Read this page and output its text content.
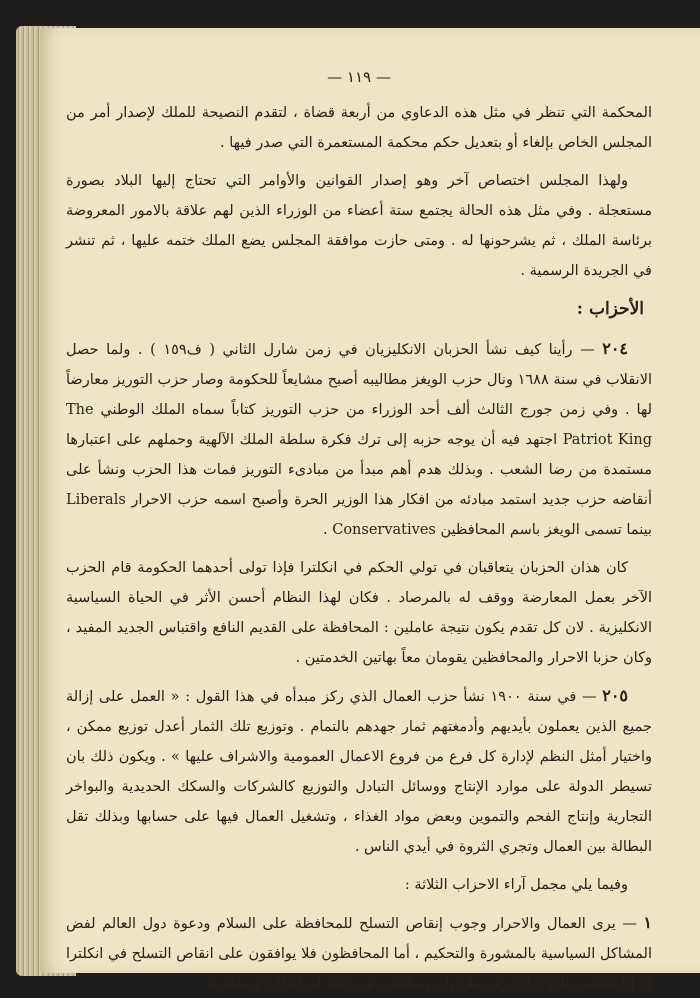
— ١١٩ —

المحكمة التي تنظر في مثل هذه الدعاوي من أربعة قضاة ، لتقدم النصيحة للملك لإصدار أمر من المجلس الخاص بإلغاء أو بتعديل حكم محكمة المستعمرة التي صدر فيها .

ولهذا المجلس اختصاص آخر وهو إصدار القوانين والأوامر التي تحتاج إليها البلاد بصورة مستعجلة . وفي مثل هذه الحالة يجتمع ستة أعضاء من الوزراء الذين لهم علاقة بالامور المعروضة برئاسة الملك ، ثم يشرحونها له . ومتى حازت موافقة المجلس يضع الملك ختمه عليها ، ثم تنشر في الجريدة الرسمية .

الأحزاب :

٢٠٤ — رأينا كيف نشأ الحزبان الانكليزيان في زمن شارل الثاني ( ف١٥٩ ) . ولما حصل الانقلاب في سنة ١٦٨٨ ونال حزب الويغز مطاليبه أصبح مشايعاً للحكومة وصار حزب التوريز معارضاً لها . وفي زمن جورج الثالث ألف أحد الوزراء من حزب التوريز كتاباً سماه الملك الوطني The Patriot King اجتهد فيه أن يوجه حزبه إلى ترك فكرة سلطة الملك الآلهية وحملهم على اعتبارها مستمدة من رضا الشعب . وبذلك هدم أهم مبدأ من مبادىء التوريز فمات هذا الحزب ونشأ على أنقاضه حزب جديد استمد مبادئه من افكار هذا الوزير الحرة وأصبح اسمه حزب الاحرار Liberals بينما تسمى الويغز باسم المحافظين Conservatives .

كان هذان الحزبان يتعاقبان في تولي الحكم في انكلترا فإذا تولى أحدهما الحكومة قام الحزب الآخر بعمل المعارضة ووقف له بالمرصاد . فكان لهذا النظام أحسن الأثر في الحياة السياسية الانكليزية . لان كل تقدم يكون نتيجة عاملين : المحافظة على القديم النافع واقتباس الجديد المفيد ، وكان حزبا الاحرار والمحافظين يقومان معاً بهاتين الخدمتين .

٢٠٥ — في سنة ١٩٠٠ نشأ حزب العمال الذي ركز مبدأه في هذا القول : « العمل على إزالة جميع الذين يعملون بأيديهم وأدمغتهم ثمار جهدهم بالتمام . وتوزيع تلك الثمار أعدل توزيع ممكن ، واختيار أمثل النظم لإدارة كل فرع من فروع الاعمال العمومية والاشراف عليها » . ويكون ذلك بان تسيطر الدولة على موارد الإنتاج ووسائل التبادل والتوزيع كالشركات والسكك الحديدية والبواخر التجارية وإنتاج الفحم والتموين وبعض مواد الغذاء ، وتشغيل العمال فيها على حسابها وبذلك تقل البطالة بين العمال وتجري الثروة في أيدي الناس .

وفيما يلي مجمل آراء الاحزاب الثلاثة :

١ — يرى العمال والاحرار وجوب إنقاص التسلح للمحافظة على السلام ودعوة دول العالم لفض المشاكل السياسية بالمشورة والتحكيم ، أما المحافظون فلا يوافقون على انقاص التسلح في انكلترا إلا إذا انقصت الدول الاخرى سلاحها ، ويمانعون في عقد أي اتفاق أو معاهدة
